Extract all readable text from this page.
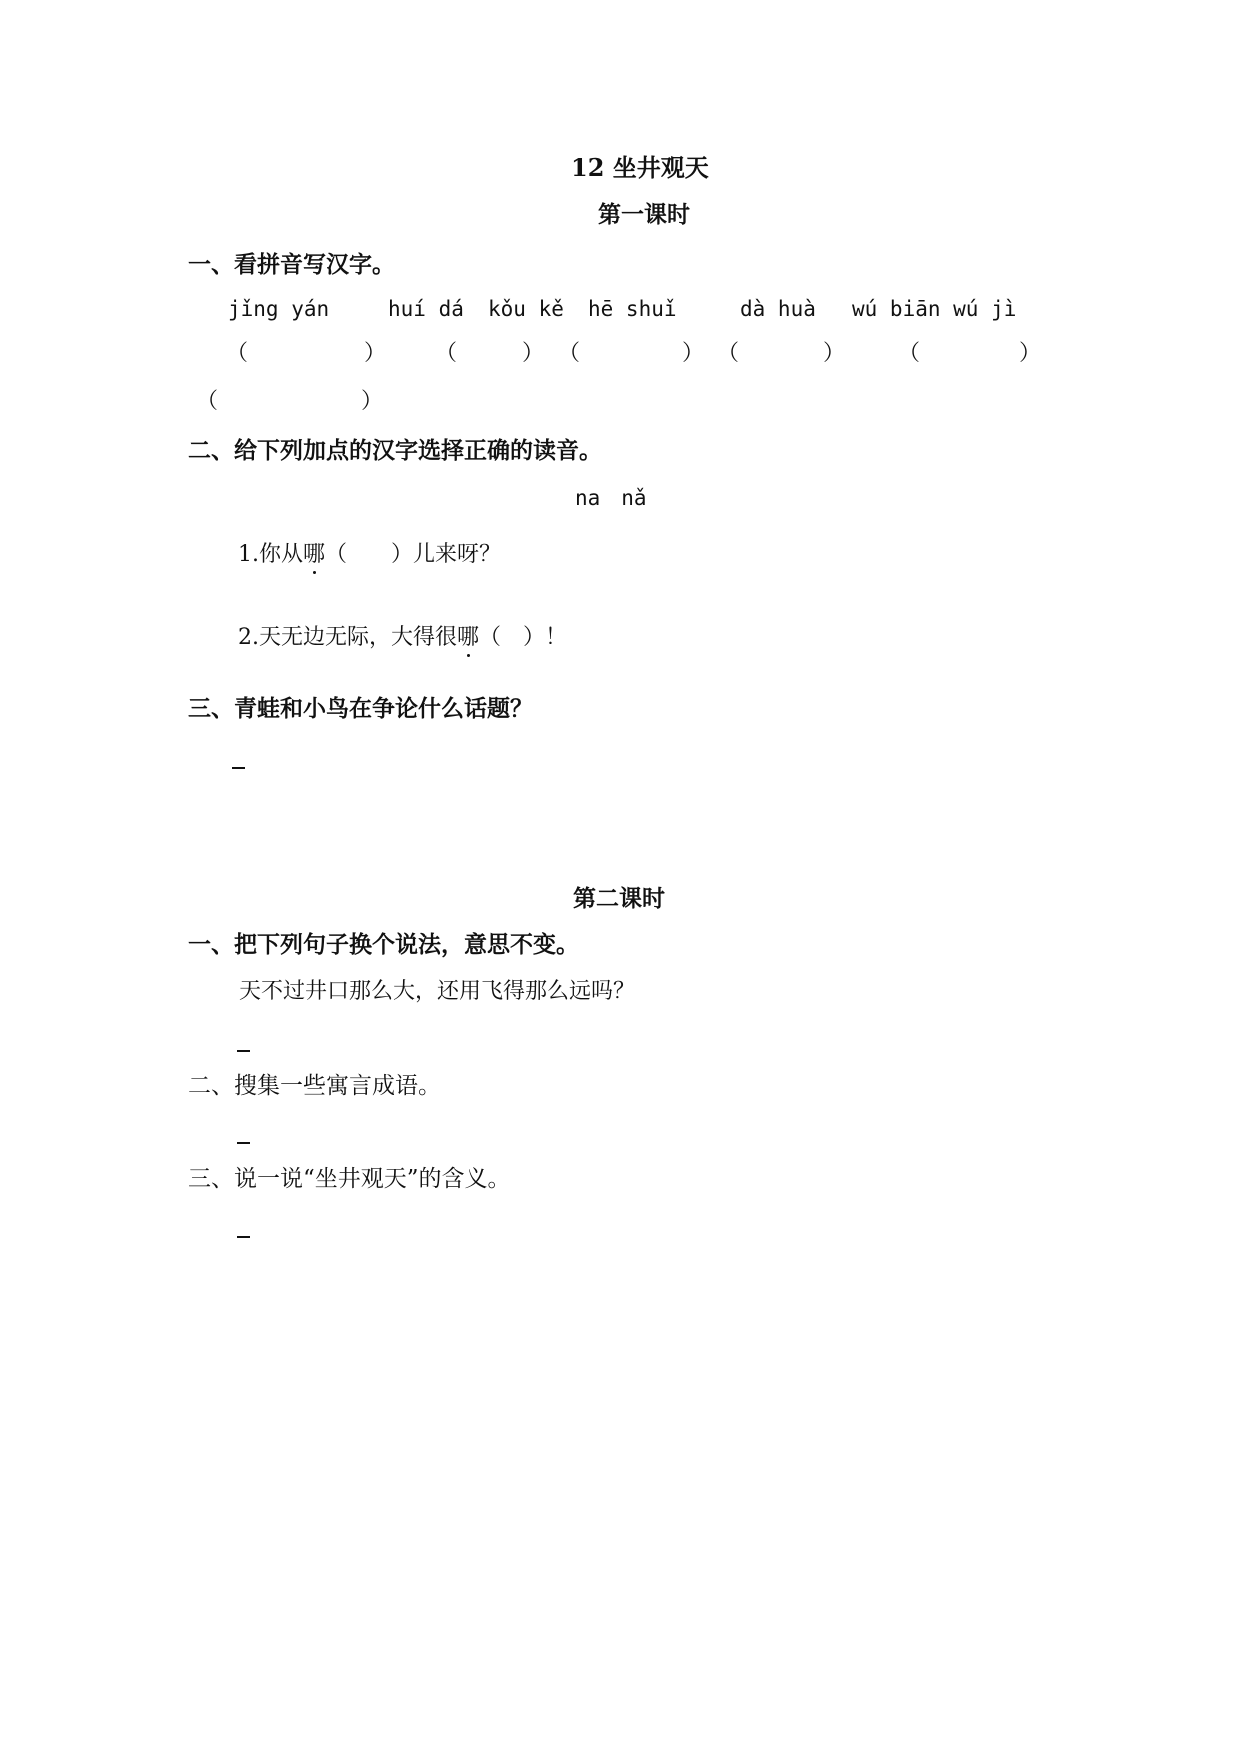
12 坐井观天
第一课时
一、看拼音写汉字。
jǐng yán	huí dá kǒu kě hē shuǐ	dà huà wú biān wú jì
（	） （	） （	） （	） （	）
（	）
二、给下列加点的汉字选择正确的读音。
na　nǎ
1.你从哪
（　　）儿来呀？
2.天无边无际，大得很哪
（　）！
三、青蛙和小鸟在争论什么话题？
第二课时
一、把下列句子换个说法，意思不变。
天不过井口那么大，还用飞得那么远吗？
二、搜集一些寓言成语。
三、说一说“坐井观天”的含义。
